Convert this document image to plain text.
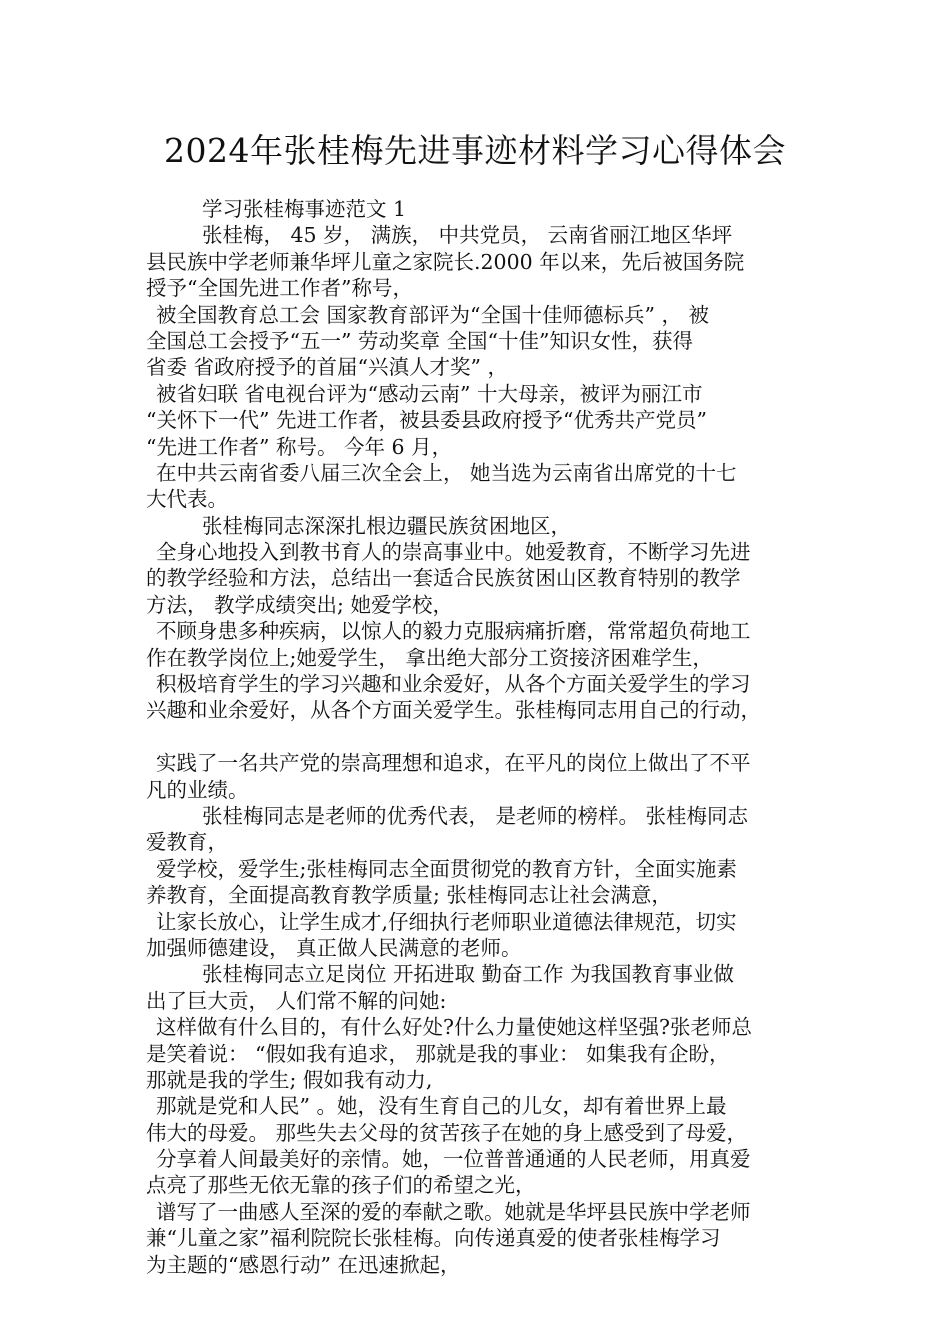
2024年张桂梅先进事迹材料学习心得体会
学习张桂梅事迹范文 1
张桂梅， 45 岁， 满族， 中共党员， 云南省丽江地区华坪
县民族中学老师兼华坪儿童之家院长.2000 年以来，先后被国务院
授予“全国先进工作者”称号，
被全国教育总工会 国家教育部评为“全国十佳师德标兵” ， 被
全国总工会授予“五一” 劳动奖章 全国“十佳”知识女性，获得
省委 省政府授予的首届“兴滇人才奖” ，
被省妇联 省电视台评为“感动云南” 十大母亲，被评为丽江市
“关怀下一代” 先进工作者，被县委县政府授予“优秀共产党员”
“先进工作者” 称号。 今年 6 月，
在中共云南省委八届三次全会上， 她当选为云南省出席党的十七
大代表。
张桂梅同志深深扎根边疆民族贫困地区，
全身心地投入到教书育人的崇高事业中。她爱教育，不断学习先进
的教学经验和方法，总结出一套适合民族贫困山区教育特别的教学
方法， 教学成绩突出; 她爱学校，
不顾身患多种疾病，以惊人的毅力克服病痛折磨，常常超负荷地工
作在教学岗位上;她爱学生， 拿出绝大部分工资接济困难学生，
积极培育学生的学习兴趣和业余爱好，从各个方面关爱学生的学习
兴趣和业余爱好，从各个方面关爱学生。张桂梅同志用自己的行动，
实践了一名共产党的崇高理想和追求，在平凡的岗位上做出了不平
凡的业绩。
张桂梅同志是老师的优秀代表， 是老师的榜样。 张桂梅同志
爱教育，
爱学校，爱学生;张桂梅同志全面贯彻党的教育方针，全面实施素
养教育，全面提高教育教学质量; 张桂梅同志让社会满意，
让家长放心，让学生成才,仔细执行老师职业道德法律规范，切实
加强师德建设， 真正做人民满意的老师。
张桂梅同志立足岗位 开拓进取 勤奋工作 为我国教育事业做
出了巨大贡， 人们常不解的问她:
这样做有什么目的，有什么好处?什么力量使她这样坚强?张老师总
是笑着说： “假如我有追求， 那就是我的事业： 如集我有企盼，
那就是我的学生; 假如我有动力,
那就是党和人民” 。她，没有生育自己的儿女，却有着世界上最
伟大的母爱。 那些失去父母的贫苦孩子在她的身上感受到了母爱，
分享着人间最美好的亲情。她，一位普普通通的人民老师，用真爱
点亮了那些无依无靠的孩子们的希望之光，
谱写了一曲感人至深的爱的奉献之歌。她就是华坪县民族中学老师
兼“儿童之家”福利院院长张桂梅。向传递真爱的使者张桂梅学习
为主题的“感恩行动” 在迅速掀起，
